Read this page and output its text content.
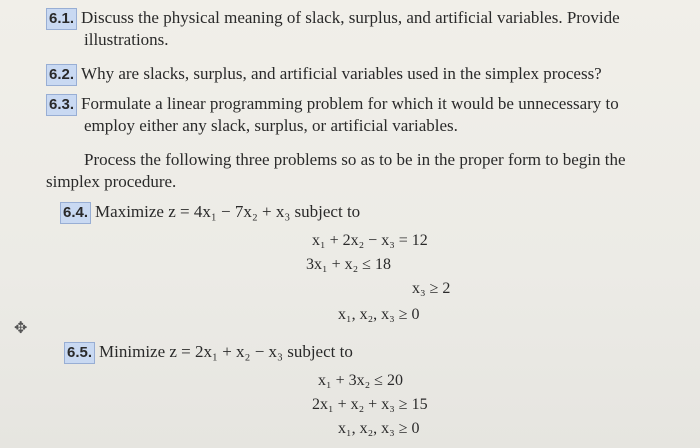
6.1. Discuss the physical meaning of slack, surplus, and artificial variables. Provide
illustrations.
6.2. Why are slacks, surplus, and artificial variables used in the simplex process?
6.3. Formulate a linear programming problem for which it would be unnecessary to
employ either any slack, surplus, or artificial variables.
Process the following three problems so as to be in the proper form to begin the
simplex procedure.
6.4. Maximize z = 4x₁ − 7x₂ + x₃ subject to
x₁ + 2x₂ − x₃ = 12
3x₁ + x₂ ≤ 18
x₃ ≥ 2
x₁, x₂, x₃ ≥ 0
6.5. Minimize z = 2x₁ + x₂ − x₃ subject to
x₁ + 3x₂ ≤ 20
2x₁ + x₂ + x₃ ≥ 15
x₁, x₂, x₃ ≥ 0
✥
